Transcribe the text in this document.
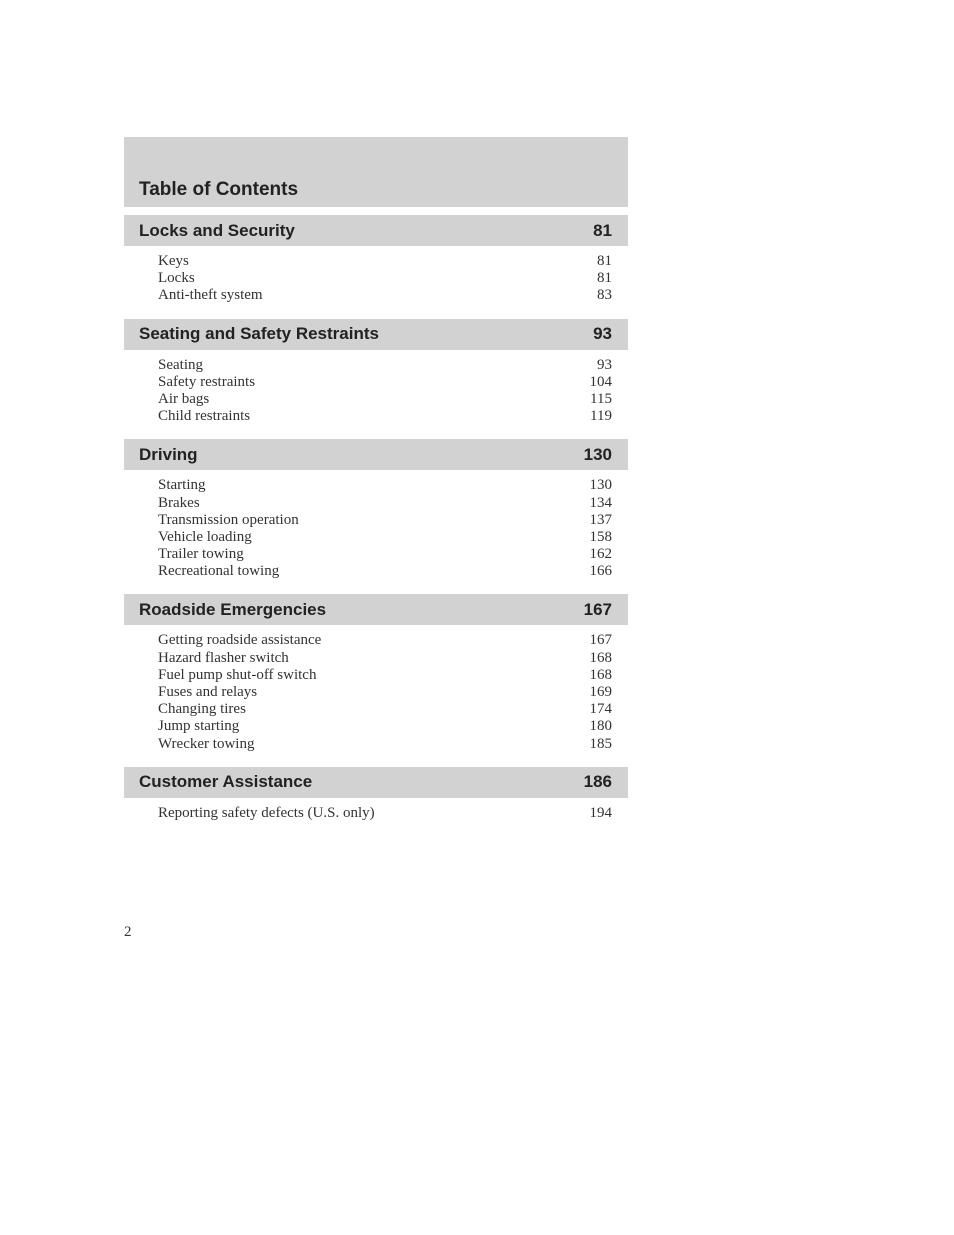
Table of Contents
Locks and Security	81
Keys	81
Locks	81
Anti-theft system	83
Seating and Safety Restraints	93
Seating	93
Safety restraints	104
Air bags	115
Child restraints	119
Driving	130
Starting	130
Brakes	134
Transmission operation	137
Vehicle loading	158
Trailer towing	162
Recreational towing	166
Roadside Emergencies	167
Getting roadside assistance	167
Hazard flasher switch	168
Fuel pump shut-off switch	168
Fuses and relays	169
Changing tires	174
Jump starting	180
Wrecker towing	185
Customer Assistance	186
Reporting safety defects (U.S. only)	194
2
